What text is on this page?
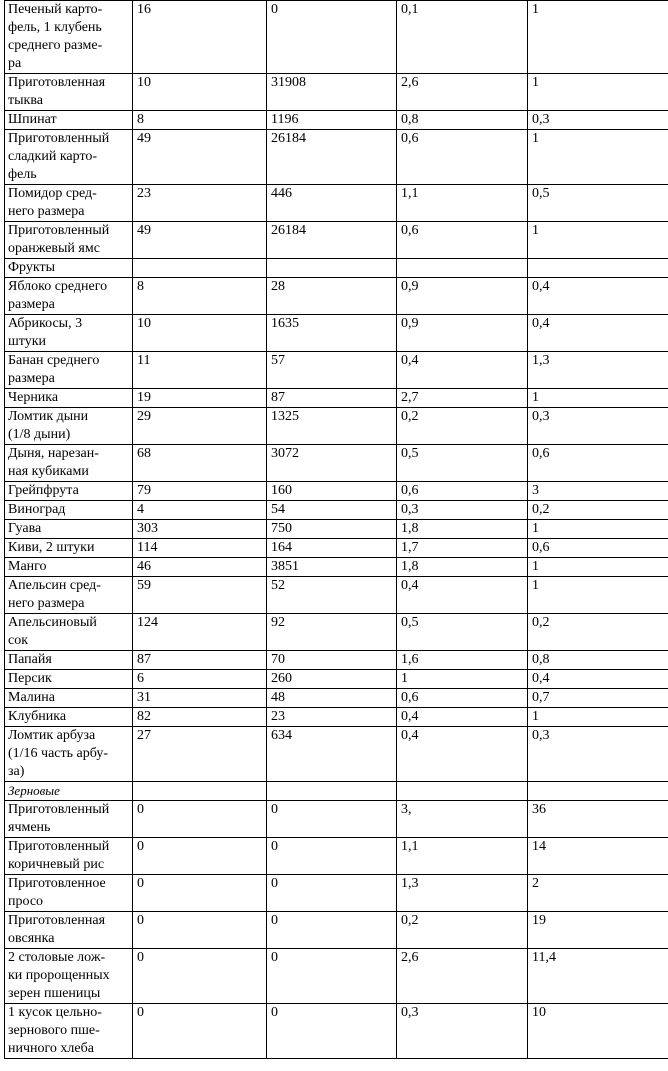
Печеный карто-
фель, 1 клубень
среднего разме-
ра	16	0	0,1	1
Приготовленная
тыква	10	31908	2,6	1
Шпинат	8	1196	0,8	0,3
Приготовленный
сладкий карто-
фель	49	26184	0,6	1
Помидор сред-
него размера	23	446	1,1	0,5
Приготовленный
оранжевый ямс	49	26184	0,6	1
Фрукты				
Яблоко среднего
размера	8	28	0,9	0,4
Абрикосы, 3
штуки	10	1635	0,9	0,4
Банан среднего
размера	11	57	0,4	1,3
Черника	19	87	2,7	1
Ломтик дыни
(1/8 дыни)	29	1325	0,2	0,3
Дыня, нарезан-
ная кубиками	68	3072	0,5	0,6
Грейпфрута	79	160	0,6	3
Виноград	4	54	0,3	0,2
Гуава	303	750	1,8	1
Киви, 2 штуки	114	164	1,7	0,6
Манго	46	3851	1,8	1
Апельсин сред-
него размера	59	52	0,4	1
Апельсиновый
сок	124	92	0,5	0,2
Папайя	87	70	1,6	0,8
Персик	6	260	1	0,4
Малина	31	48	0,6	0,7
Клубника	82	23	0,4	1
Ломтик арбуза
(1/16 часть арбу-
за)	27	634	0,4	0,3
Зерновые				
Приготовленный
ячмень	0	0	3,	36
Приготовленный
коричневый рис	0	0	1,1	14
Приготовленное
просо	0	0	1,3	2
Приготовленная
овсянка	0	0	0,2	19
2 столовые лож-
ки пророщенных
зерен пшеницы	0	0	2,6	11,4
1 кусок цельно-
зернового пше-
ничного хлеба	0	0	0,3	10
